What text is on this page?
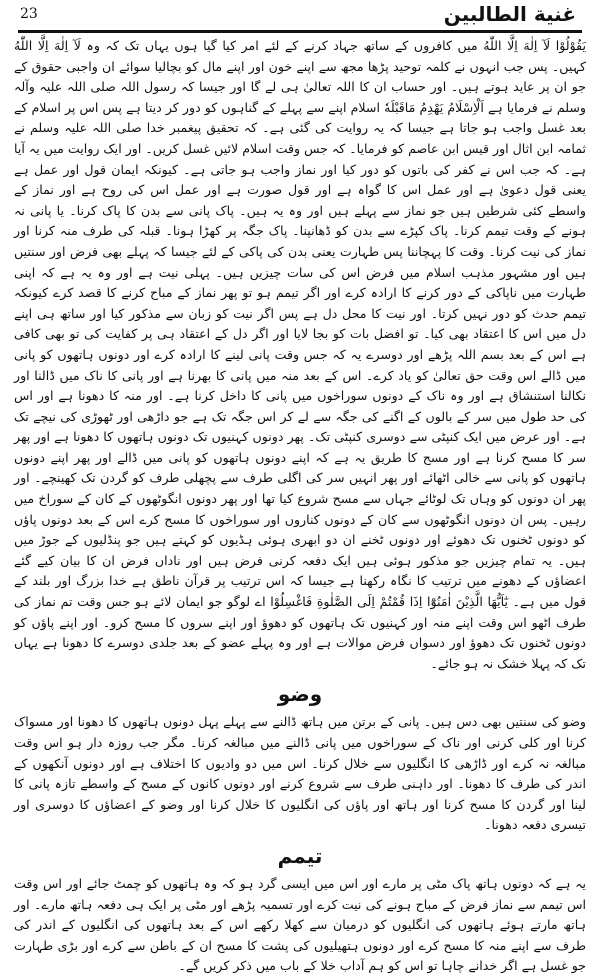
23	غنية الطالبين

يَقُوْلُوْا لَآ اِلٰهَ اِلَّا اللّٰهُ میں کافروں کے ساتھ جہاد کرنے کے لئے امر کیا گیا ہوں یہاں تک کہ وہ لَآ اِلٰهَ اِلَّا اللّٰهُ کہیں۔ پس جب انہوں نے کلمہ توحید پڑھا مجھ سے اپنے خون اور اپنے مال کو بچالیا سوائے ان واجبی حقوق کے جو ان پر عاید ہوتے ہیں۔ اور حساب ان کا اللہ تعالیٰ ہی لے گا اور جیسا کہ رسول اللہ صلی اللہ علیہ وآلہ وسلم نے فرمایا ہے اَلْاِسْلَامُ یَھْدِمُ مَاقَبْلَهٗ اسلام اپنے سے پہلے کے گناہوں کو دور کر دیتا ہے پس اس پر اسلام کے بعد غسل واجب ہو جاتا ہے جیسا کہ یہ روایت کی گئی ہے۔ کہ تحقیق پیغمبر خدا صلی اللہ علیہ وسلم نے ثمامہ ابن اثال اور قیس ابن عاصم کو فرمایا۔ کہ جس وقت اسلام لائیں غسل کریں۔ اور ایک روایت میں یہ آیا ہے۔ کہ جب اس نے کفر کی باتوں کو دور کیا اور نماز واجب ہو جاتی ہے۔ کیونکہ ایمان قول اور عمل ہے یعنی قول دعویٰ ہے اور عمل اس کا گواہ ہے اور قول صورت ہے اور عمل اس کی روح ہے اور نماز کے واسطے کئی شرطیں ہیں جو نماز سے پہلے ہیں اور وہ یہ ہیں۔ پاک پانی سے بدن کا پاک کرنا۔ یا پانی نہ ہونے کے وقت تیمم کرنا۔ پاک کپڑے سے بدن کو ڈھانپنا۔ پاک جگہ پر کھڑا ہونا۔ قبلہ کی طرف منہ کرنا اور نماز کی نیت کرنا۔ وقت کا پہچاننا پس طہارت یعنی بدن کی پاکی کے لئے جیسا کہ پہلے بھی فرض اور سنتیں ہیں اور مشہور مذہب اسلام میں فرض اس کی سات چیزیں ہیں۔ پہلی نیت ہے اور وہ یہ ہے کہ اپنی طہارت میں ناپاکی کے دور کرنے کا ارادہ کرے اور اگر تیمم ہو تو پھر نماز کے مباح کرنے کا قصد کرے کیونکہ تیمم حدث کو دور نہیں کرتا۔ اور نیت کا محل دل ہے پس اگر نیت کو زبان سے مذکور کیا اور ساتھ ہی اپنے دل میں اس کا اعتقاد بھی کیا۔ تو افضل بات کو بجا لایا اور اگر دل کے اعتقاد ہی پر کفایت کی تو بھی کافی ہے اس کے بعد بسم اللہ پڑھے اور دوسرے یہ کہ جس وقت پانی لینے کا ارادہ کرے اور دونوں ہاتھوں کو پانی میں ڈالے اس وقت حق تعالیٰ کو یاد کرے۔ اس کے بعد منہ میں پانی کا بھرنا ہے اور پانی کا ناک میں ڈالنا اور نکالنا استنشاق ہے اور وہ ناک کے دونوں سوراخوں میں پانی کا داخل کرنا ہے۔ اور منہ کا دھونا ہے اور اس کی حد طول میں سر کے بالوں کے اگنے کی جگہ سے لے کر اس جگہ تک ہے جو داڑھی اور ٹھوڑی کی نیچے تک ہے۔ اور عرض میں ایک کنپٹی سے دوسری کنپٹی تک۔ پھر دونوں کہنیوں تک دونوں ہاتھوں کا دھونا ہے اور پھر سر کا مسح کرنا ہے اور مسح کا طریق یہ ہے کہ اپنے دونوں ہاتھوں کو پانی میں ڈالے اور پھر اپنے دونوں ہاتھوں کو پانی سے خالی اٹھائے اور پھر انہیں سر کی اگلی طرف سے پچھلی طرف کو گردن تک کھینچے۔ اور پھر ان دونوں کو وہاں تک لوٹائے جہاں سے مسح شروع کیا تھا اور پھر دونوں انگوٹھوں کے کان کے سوراخ میں رہیں۔ پس ان دونوں انگوٹھوں سے کان کے دونوں کناروں اور سوراخوں کا مسح کرے اس کے بعد دونوں پاؤں کو دونوں ٹخنوں تک دھوئے اور دونوں ٹخنے ان دو ابھری ہوئی ہڈیوں کو کہتے ہیں جو پنڈلیوں کے جوڑ میں ہیں۔ یہ تمام چیزیں جو مذکور ہوئی ہیں ایک دفعہ کرنی فرض ہیں اور ناداں فرض ان کا بیان کیے گئے اعضاؤں کے دھونے میں ترتیب کا نگاہ رکھنا ہے جیسا کہ اس ترتیب پر قرآن ناطق ہے خدا بزرگ اور بلند کے قول میں ہے۔ یٰٓاَیُّھَا الَّذِیْنَ اٰمَنُوْٓا اِذَا قُمْتُمْ اِلَى الصَّلٰوةِ فَاغْسِلُوْا اے لوگو جو ایمان لائے ہو جس وقت تم نماز کی طرف اٹھو اس وقت اپنے منہ اور کہنیوں تک ہاتھوں کو دھوؤ اور اپنے سروں کا مسح کرو۔ اور اپنے پاؤں کو دونوں ٹخنوں تک دھوؤ اور دسواں فرض موالات ہے اور وہ پہلے عضو کے بعد جلدی دوسرے کا دھونا ہے یہاں تک کہ پہلا خشک نہ ہو جائے۔

وضو

وضو کی سنتیں بھی دس ہیں۔ پانی کے برتن میں ہاتھ ڈالنے سے پہلے پہل دونوں ہاتھوں کا دھونا اور مسواک کرنا اور کلی کرنی اور ناک کے سوراخوں میں پانی ڈالنے میں مبالغہ کرنا۔ مگر جب روزہ دار ہو اس وقت مبالغہ نہ کرے اور ڈاڑھی کا انگلیوں سے خلال کرنا۔ اس میں دو وادیوں کا اختلاف ہے اور دونوں آنکھوں کے اندر کی طرف کا دھونا۔ اور داہنی طرف سے شروع کرنے اور دونوں کانوں کے مسح کے واسطے تازہ پانی کا لینا اور گردن کا مسح کرنا اور ہاتھ اور پاؤں کی انگلیوں کا خلال کرنا اور وضو کے اعضاؤں کا دوسری اور تیسری دفعہ دھونا۔

تیمم

یہ ہے کہ دونوں ہاتھ پاک مٹی پر مارے اور اس میں ایسی گرد ہو کہ وہ ہاتھوں کو چمٹ جائے اور اس وقت اس تیمم سے نماز فرض کے مباح ہونے کی نیت کرے اور تسمیہ پڑھے اور مٹی پر ایک ہی دفعہ ہاتھ مارے۔ اور ہاتھ مارتے ہوئے ہاتھوں کی انگلیوں کو درمیان سے کھلا رکھے اس کے بعد ہاتھوں کی انگلیوں کے اندر کی طرف سے اپنے منہ کا مسح کرے اور دونوں ہتھیلیوں کی پشت کا مسح ان کے باطن سے کرے اور بڑی طہارت جو غسل ہے اگر خدانے چاہا تو اس کو ہم آداب خلا کے باب میں ذکر کریں گے۔
